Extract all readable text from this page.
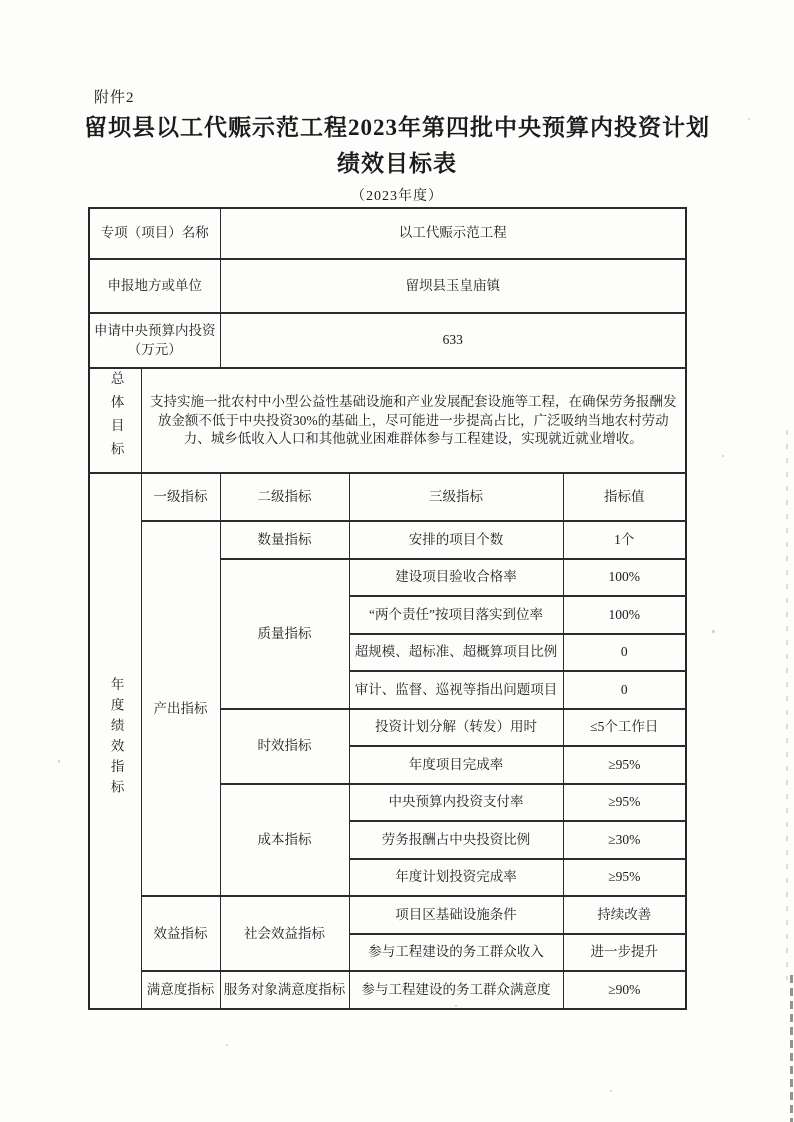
附件2
留坝县以工代赈示范工程2023年第四批中央预算内投资计划
绩效目标表
（2023年度）
专项（项目）名称		以工代赈示范工程		
申报地方或单位		留坝县玉皇庙镇		
申请中央预算内投资（万元）		633		
总体目标	支持实施一批农村中小型公益性基础设施和产业发展配套设施等工程，在确保劳务报酬发放金额不低于中央投资30%的基础上，尽可能进一步提高占比，广泛吸纳当地农村劳动力、城乡低收入人口和其他就业困难群体参与工程建设，实现就近就业增收。			
年度绩效指标	一级指标	二级指标	三级指标	指标值
	产出指标	数量指标	安排的项目个数	1个
		质量指标	建设项目验收合格率	100%
			“两个责任”按项目落实到位率	100%
			超规模、超标准、超概算项目比例	0
			审计、监督、巡视等指出问题项目	0
		时效指标	投资计划分解（转发）用时	≤5个工作日
			年度项目完成率	≥95%
		成本指标	中央预算内投资支付率	≥95%
			劳务报酬占中央投资比例	≥30%
			年度计划投资完成率	≥95%
	效益指标	社会效益指标	项目区基础设施条件	持续改善
			参与工程建设的务工群众收入	进一步提升
	满意度指标	服务对象满意度指标	参与工程建设的务工群众满意度	≥90%
